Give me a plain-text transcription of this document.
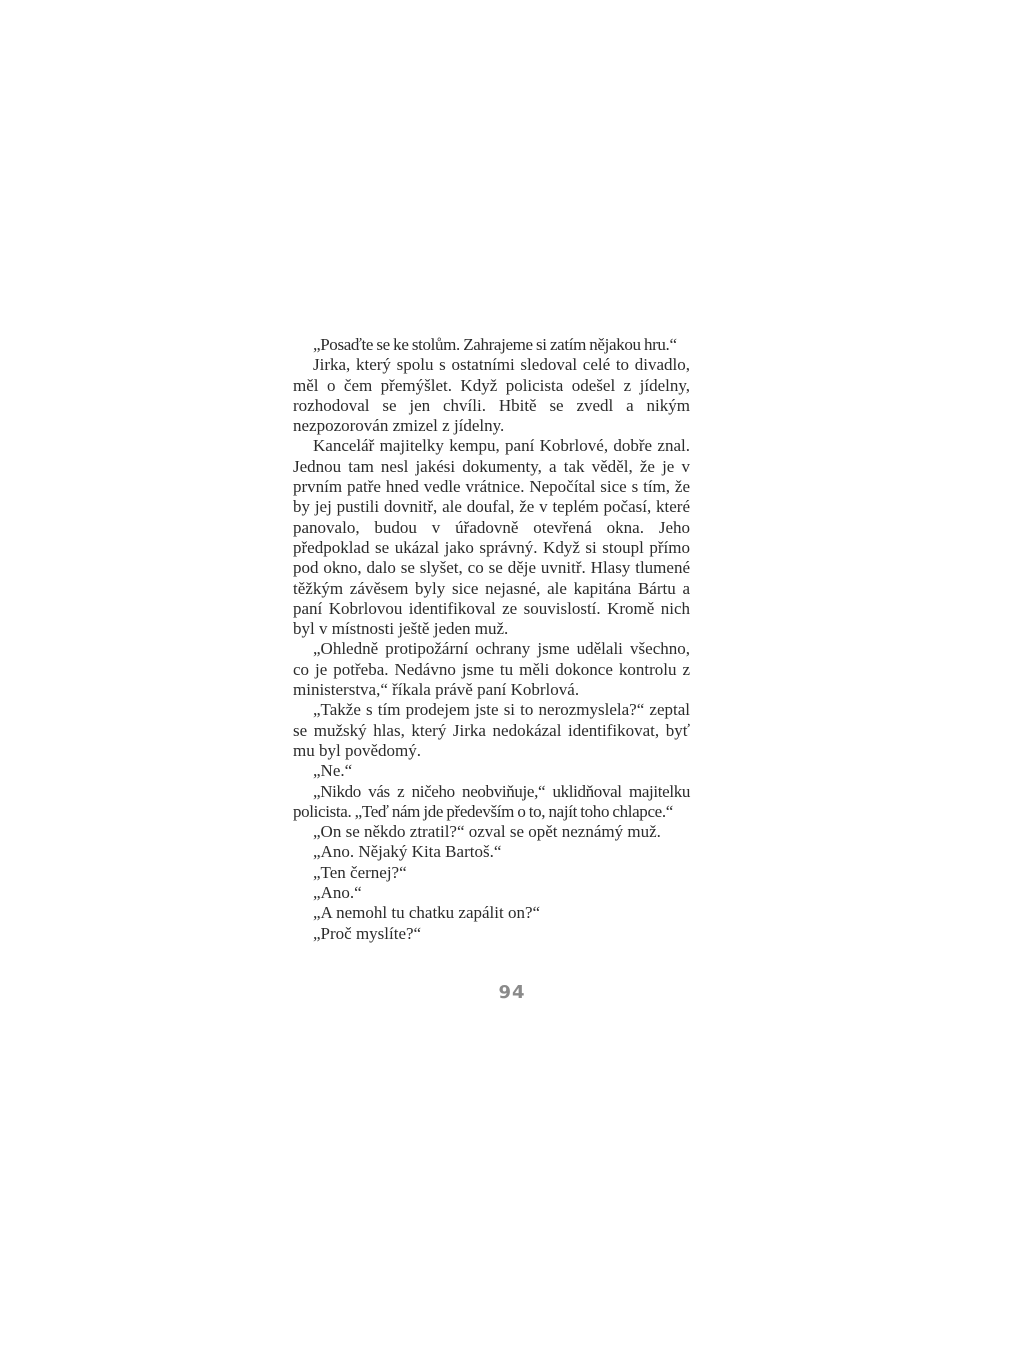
„Posaďte se ke stolům. Zahrajeme si zatím nějakou hru.“

Jirka, který spolu s ostatními sledoval celé to divadlo, měl o čem přemýšlet. Když policista odešel z jídelny, rozhodoval se jen chvíli. Hbitě se zvedl a nikým nezpozorován zmizel z jídelny.

Kancelář majitelky kempu, paní Kobrlové, dobře znal. Jednou tam nesl jakési dokumenty, a tak věděl, že je v prvním patře hned vedle vrátnice. Nepočítal sice s tím, že by jej pustili dovnitř, ale doufal, že v teplém počasí, které panovalo, budou v úřadovně otevřená okna. Jeho předpoklad se ukázal jako správný. Když si stoupl přímo pod okno, dalo se slyšet, co se děje uvnitř. Hlasy tlumené těžkým závěsem byly sice nejasné, ale kapitána Bártu a paní Kobrlovou identifikoval ze souvislostí. Kromě nich byl v místnosti ještě jeden muž.

„Ohledně protipožární ochrany jsme udělali všechno, co je potřeba. Nedávno jsme tu měli dokonce kontrolu z ministerstva,“ říkala právě paní Kobrlová.

„Takže s tím prodejem jste si to nerozmyslela?“ zeptal se mužský hlas, který Jirka nedokázal identifikovat, byť mu byl povědomý.

„Ne.“

„Nikdo vás z ničeho neobviňuje,“ uklidňoval majitelku policista. „Teď nám jde především o to, najít toho chlapce.“

„On se někdo ztratil?“ ozval se opět neznámý muž.

„Ano. Nějaký Kita Bartoš.“

„Ten černej?“

„Ano.“

„A nemohl tu chatku zapálit on?“

„Proč myslíte?“

94
